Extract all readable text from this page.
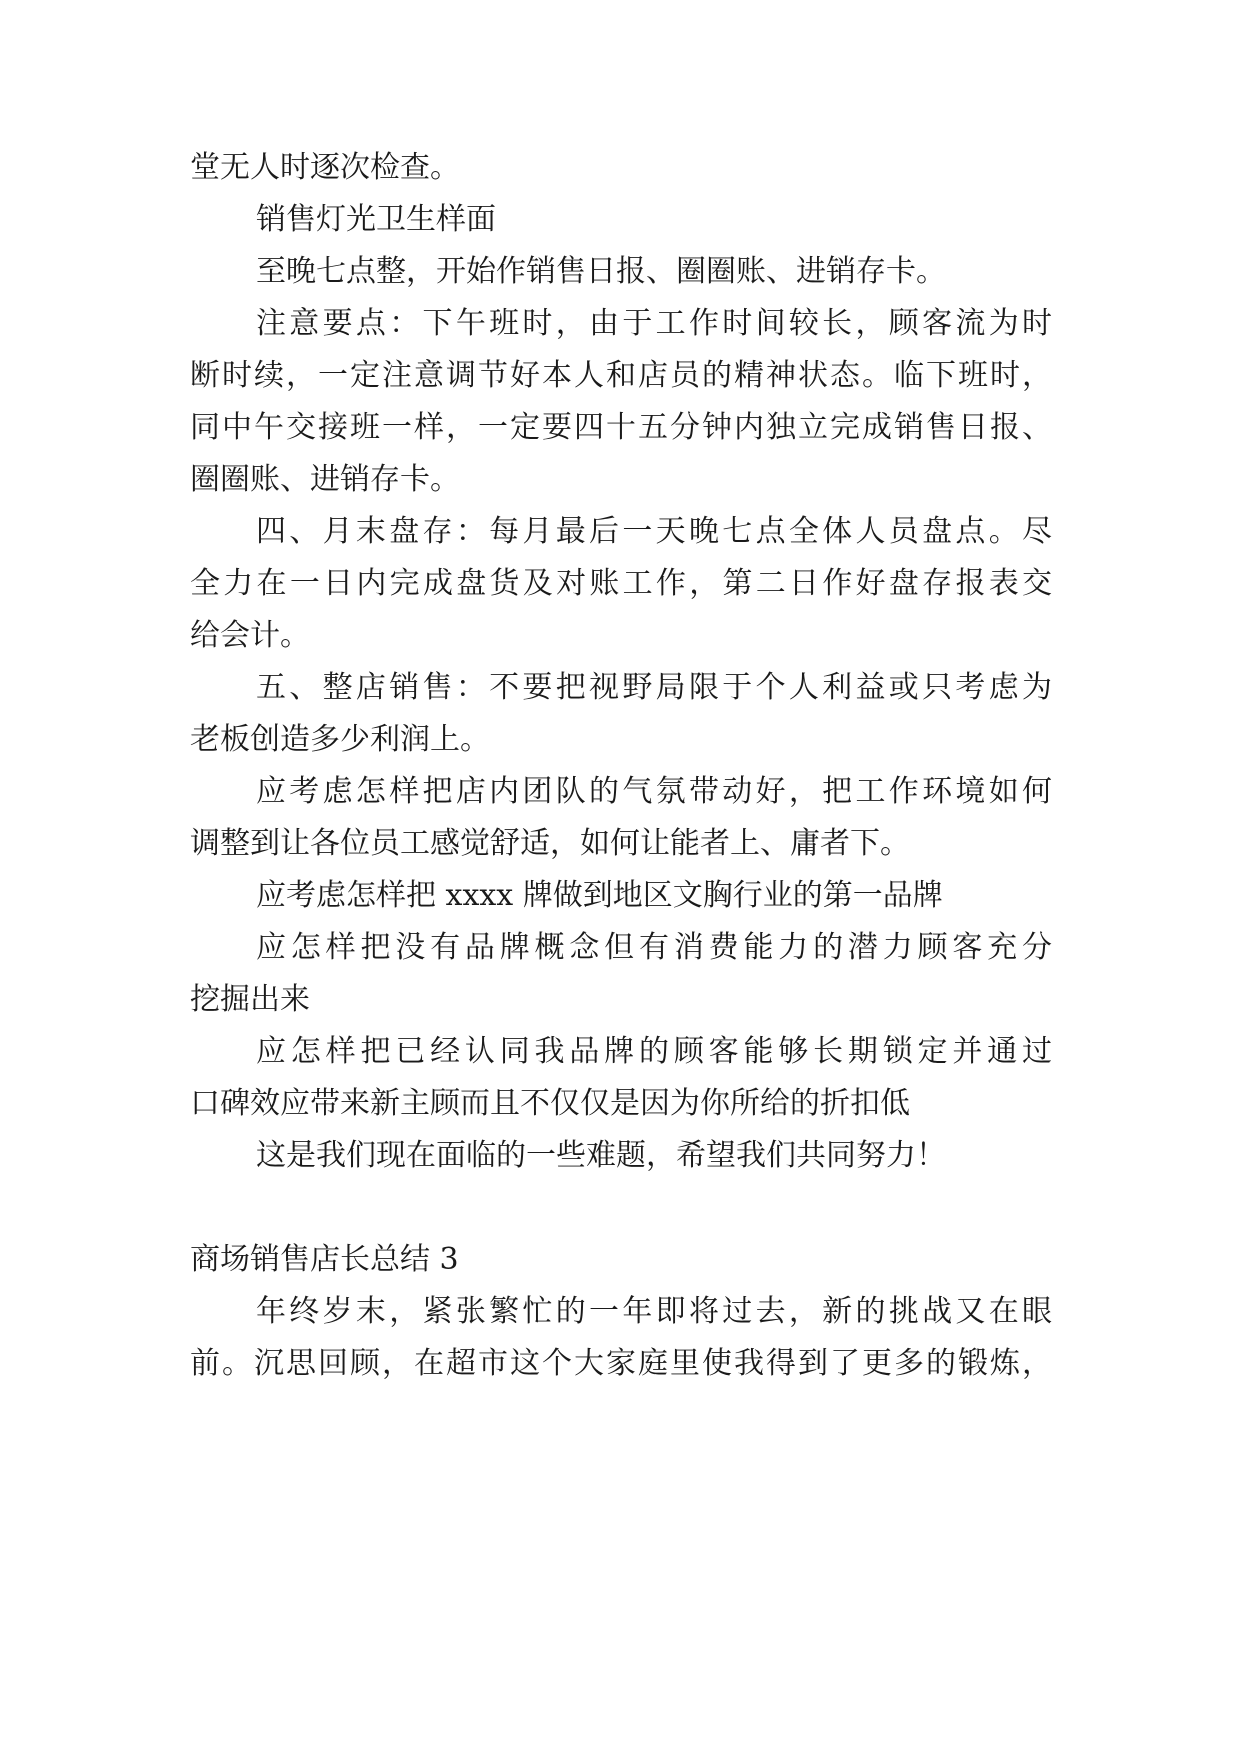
堂无人时逐次检查。
销售灯光卫生样面
至晚七点整，开始作销售日报、圈圈账、进销存卡。
注意要点：下午班时，由于工作时间较长，顾客流为时
断时续，一定注意调节好本人和店员的精神状态。临下班时，
同中午交接班一样，一定要四十五分钟内独立完成销售日报、
圈圈账、进销存卡。
四、月末盘存：每月最后一天晚七点全体人员盘点。尽
全力在一日内完成盘货及对账工作，第二日作好盘存报表交
给会计。
五、整店销售：不要把视野局限于个人利益或只考虑为
老板创造多少利润上。
应考虑怎样把店内团队的气氛带动好，把工作环境如何
调整到让各位员工感觉舒适，如何让能者上、庸者下。
应考虑怎样把 xxxx 牌做到地区文胸行业的第一品牌
应怎样把没有品牌概念但有消费能力的潜力顾客充分
挖掘出来
应怎样把已经认同我品牌的顾客能够长期锁定并通过
口碑效应带来新主顾而且不仅仅是因为你所给的折扣低
这是我们现在面临的一些难题，希望我们共同努力！
商场销售店长总结 3
年终岁末，紧张繁忙的一年即将过去，新的挑战又在眼
前。沉思回顾，在超市这个大家庭里使我得到了更多的锻炼，
